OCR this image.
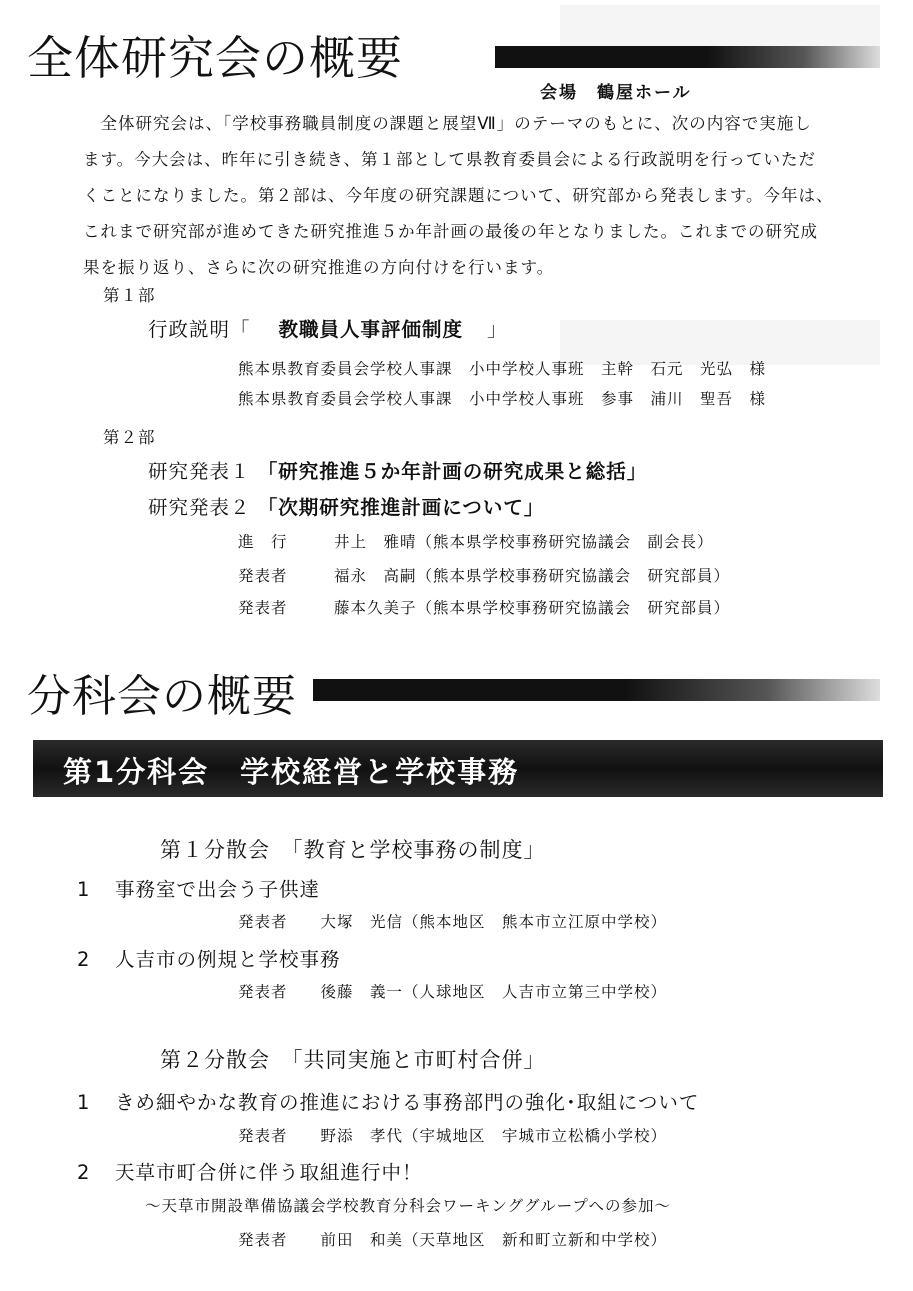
全体研究会の概要
会場　鶴屋ホール
　全体研究会は、「学校事務職員制度の課題と展望Ⅶ」のテーマのもとに、次の内容で実施し
ます。今大会は、昨年に引き続き、第１部として県教育委員会による行政説明を行っていただ
くことになりました。第２部は、今年度の研究課題について、研究部から発表します。今年は、
これまで研究部が進めてきた研究推進５か年計画の最後の年となりました。これまでの研究成
果を振り返り、さらに次の研究推進の方向付けを行います。
第１部
行政説明「 教職員人事評価制度 」
熊本県教育委員会学校人事課　小中学校人事班　主幹　石元　光弘　様
熊本県教育委員会学校人事課　小中学校人事班　参事　浦川　聖吾　様
第２部
研究発表１ 「研究推進５か年計画の研究成果と総括」
研究発表２ 「次期研究推進計画について」
進　行	井上　雅晴（熊本県学校事務研究協議会　副会長）
発表者	福永　高嗣（熊本県学校事務研究協議会　研究部員）
発表者	藤本久美子（熊本県学校事務研究協議会　研究部員）
分科会の概要
第1分科会　学校経営と学校事務
第１分散会　「教育と学校事務の制度」
1 事務室で出会う子供達
発表者　　大塚　光信（熊本地区　熊本市立江原中学校）
2 人吉市の例規と学校事務
発表者　　後藤　義一（人球地区　人吉市立第三中学校）
第２分散会　「共同実施と市町村合併」
1 きめ細やかな教育の推進における事務部門の強化･取組について
発表者　　野添　孝代（宇城地区　宇城市立松橋小学校）
2 天草市町合併に伴う取組進行中！
～天草市開設準備協議会学校教育分科会ワーキンググループへの参加～
発表者　　前田　和美（天草地区　新和町立新和中学校）
